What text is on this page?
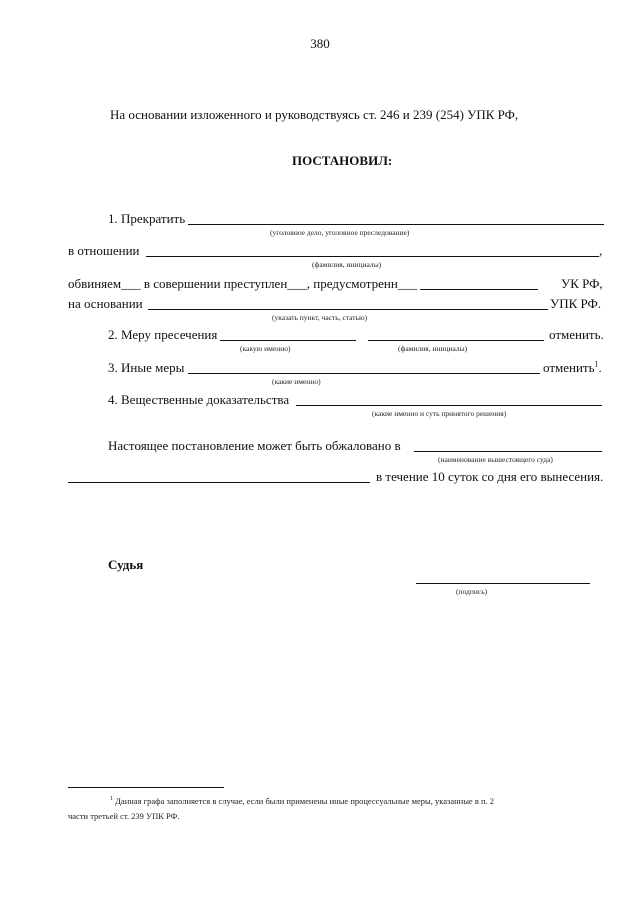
380
На основании изложенного и руководствуясь ст. 246 и 239 (254) УПК РФ,
ПОСТАНОВИЛ:
1. Прекратить
(уголовное дело, уголовное преследование)
в отношении	,
(фамилия, инициалы)
обвиняем___ в совершении преступлен___, предусмотренн___	УК РФ,
на основании	УПК РФ.
(указать пункт, часть, статью)
2. Меру пресечения	отменить.
(какую именно)	(фамилия, инициалы)
3. Иные меры	отменить$^1$.
(какие именно)
4. Вещественные доказательства
(какие именно и суть принятого решения)
Настоящее постановление может быть обжаловано в
(наименование вышестоящего суда)
в течение 10 суток со дня его вынесения.
Судья
(подпись)
$^1$ Данная графа заполняется в случае, если были применены иные процессуальные меры, указанные в п. 2
части третьей ст. 239 УПК РФ.
